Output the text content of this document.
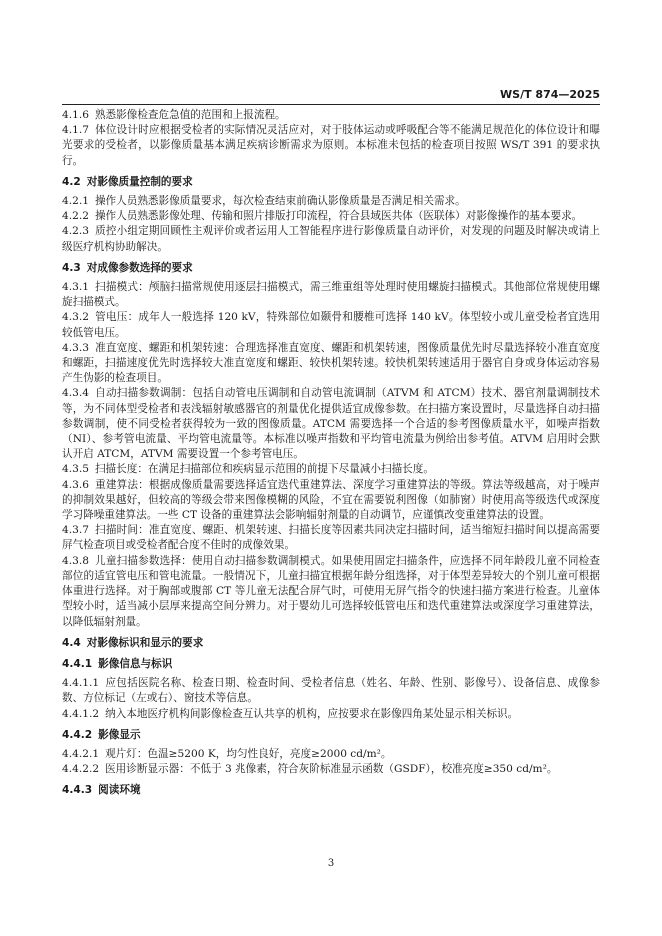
WS/T 874—2025
4.1.6 熟悉影像检查危急值的范围和上报流程。
4.1.7 体位设计时应根据受检者的实际情况灵活应对，对于肢体运动或呼吸配合等不能满足规范化的体位设计和曝光要求的受检者，以影像质量基本满足疾病诊断需求为原则。本标准未包括的检查项目按照 WS/T 391 的要求执行。
4.2 对影像质量控制的要求
4.2.1 操作人员熟悉影像质量要求，每次检查结束前确认影像质量是否满足相关需求。
4.2.2 操作人员熟悉影像处理、传输和照片排版打印流程，符合县域医共体（医联体）对影像操作的基本要求。
4.2.3 质控小组定期回顾性主观评价或者运用人工智能程序进行影像质量自动评价，对发现的问题及时解决或请上级医疗机构协助解决。
4.3 对成像参数选择的要求
4.3.1 扫描模式：颅脑扫描常规使用逐层扫描模式，需三维重组等处理时使用螺旋扫描模式。其他部位常规使用螺旋扫描模式。
4.3.2 管电压：成年人一般选择 120 kV，特殊部位如颞骨和腰椎可选择 140 kV。体型较小或儿童受检者宜选用较低管电压。
4.3.3 准直宽度、螺距和机架转速：合理选择准直宽度、螺距和机架转速，图像质量优先时尽量选择较小准直宽度和螺距，扫描速度优先时选择较大准直宽度和螺距、较快机架转速。较快机架转速适用于器官自身或身体运动容易产生伪影的检查项目。
4.3.4 自动扫描参数调制：包括自动管电压调制和自动管电流调制（ATVM 和 ATCM）技术、器官剂量调制技术等，为不同体型受检者和表浅辐射敏感器官的剂量优化提供适宜成像参数。在扫描方案设置时，尽量选择自动扫描参数调制，使不同受检者获得较为一致的图像质量。ATCM 需要选择一个合适的参考图像质量水平，如噪声指数（NI）、参考管电流量、平均管电流量等。本标准以噪声指数和平均管电流量为例给出参考值。ATVM 启用时会默认开启 ATCM，ATVM 需要设置一个参考管电压。
4.3.5 扫描长度：在满足扫描部位和疾病显示范围的前提下尽量减小扫描长度。
4.3.6 重建算法：根据成像质量需要选择适宜迭代重建算法、深度学习重建算法的等级。算法等级越高，对于噪声的抑制效果越好，但较高的等级会带来图像模糊的风险，不宜在需要锐利图像（如肺窗）时使用高等级迭代或深度学习降噪重建算法。一些 CT 设备的重建算法会影响辐射剂量的自动调节，应谨慎改变重建算法的设置。
4.3.7 扫描时间：准直宽度、螺距、机架转速、扫描长度等因素共同决定扫描时间，适当缩短扫描时间以提高需要屏气检查项目或受检者配合度不佳时的成像效果。
4.3.8 儿童扫描参数选择：使用自动扫描参数调制模式。如果使用固定扫描条件，应选择不同年龄段儿童不同检查部位的适宜管电压和管电流量。一般情况下，儿童扫描宜根据年龄分组选择，对于体型差异较大的个别儿童可根据体重进行选择。对于胸部或腹部 CT 等儿童无法配合屏气时，可使用无屏气指令的快速扫描方案进行检查。儿童体型较小时，适当减小层厚来提高空间分辨力。对于婴幼儿可选择较低管电压和迭代重建算法或深度学习重建算法，以降低辐射剂量。
4.4 对影像标识和显示的要求
4.4.1 影像信息与标识
4.4.1.1 应包括医院名称、检查日期、检查时间、受检者信息（姓名、年龄、性别、影像号）、设备信息、成像参数、方位标记（左或右）、窗技术等信息。
4.4.1.2 纳入本地医疗机构间影像检查互认共享的机构，应按要求在影像四角某处显示相关标识。
4.4.2 影像显示
4.4.2.1 观片灯：色温≥5200 K，均匀性良好，亮度≥2000 cd/m²。
4.4.2.2 医用诊断显示器：不低于 3 兆像素，符合灰阶标准显示函数（GSDF），校准亮度≥350 cd/m²。
4.4.3 阅读环境
3
